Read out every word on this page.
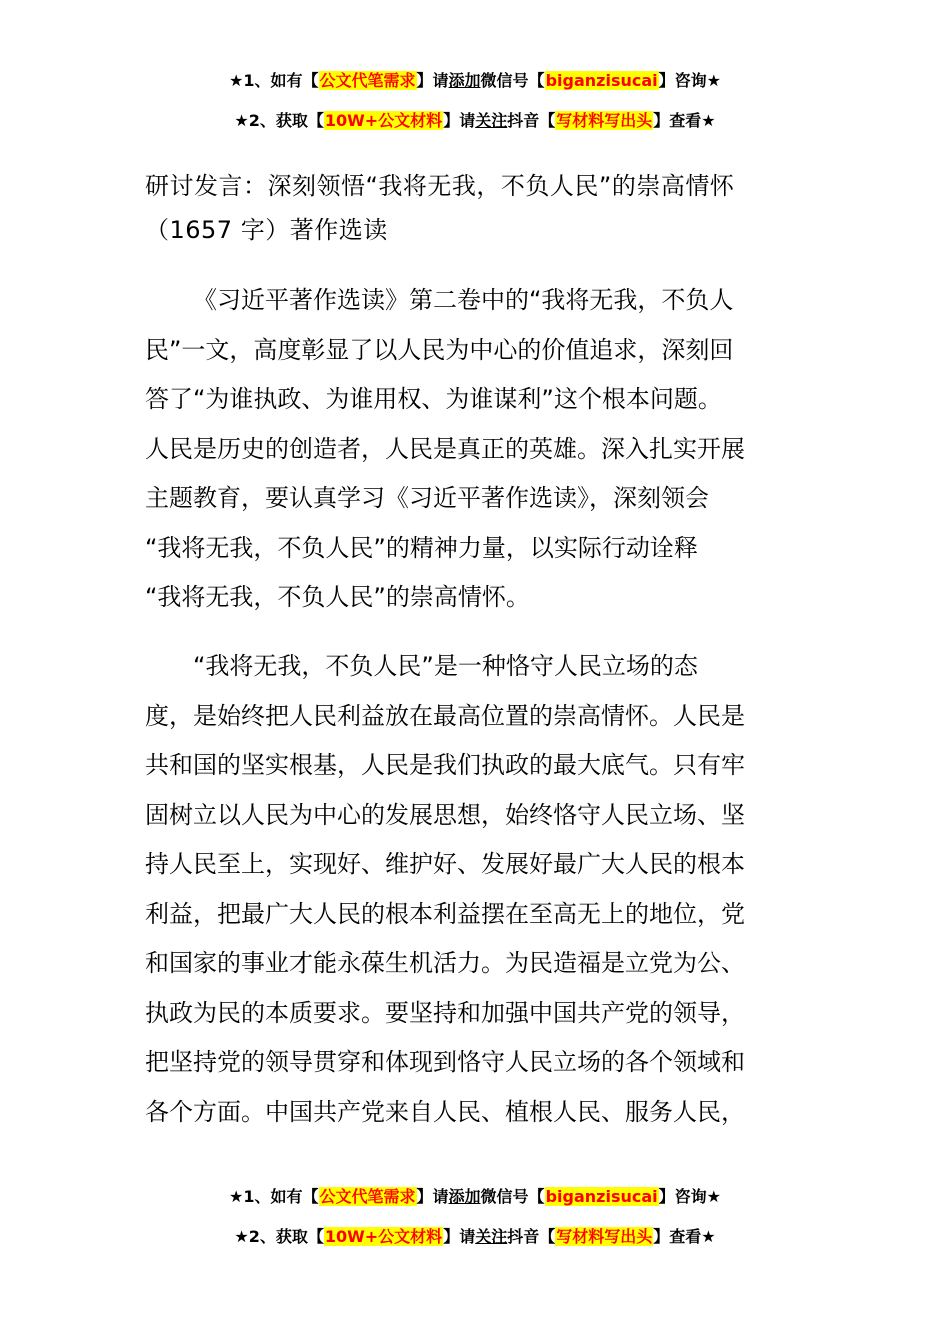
★1、如有【公文代笔需求】请添加微信号【biganzisucai】咨询★
★2、获取【10W+公文材料】请关注抖音【写材料写出头】查看★
研讨发言：深刻领悟“我将无我，不负人民”的崇高情怀
（1657 字）著作选读
《习近平著作选读》第二卷中的“我将无我，不负人
民”一文，高度彰显了以人民为中心的价值追求，深刻回
答了“为谁执政、为谁用权、为谁谋利”这个根本问题。
人民是历史的创造者，人民是真正的英雄。深入扎实开展
主题教育，要认真学习《习近平著作选读》，深刻领会
“我将无我，不负人民”的精神力量，以实际行动诠释
“我将无我，不负人民”的崇高情怀。
“我将无我，不负人民”是一种恪守人民立场的态
度，是始终把人民利益放在最高位置的崇高情怀。人民是
共和国的坚实根基，人民是我们执政的最大底气。只有牢
固树立以人民为中心的发展思想，始终恪守人民立场、坚
持人民至上，实现好、维护好、发展好最广大人民的根本
利益，把最广大人民的根本利益摆在至高无上的地位，党
和国家的事业才能永葆生机活力。为民造福是立党为公、
执政为民的本质要求。要坚持和加强中国共产党的领导，
把坚持党的领导贯穿和体现到恪守人民立场的各个领域和
各个方面。中国共产党来自人民、植根人民、服务人民，
★1、如有【公文代笔需求】请添加微信号【biganzisucai】咨询★
★2、获取【10W+公文材料】请关注抖音【写材料写出头】查看★
